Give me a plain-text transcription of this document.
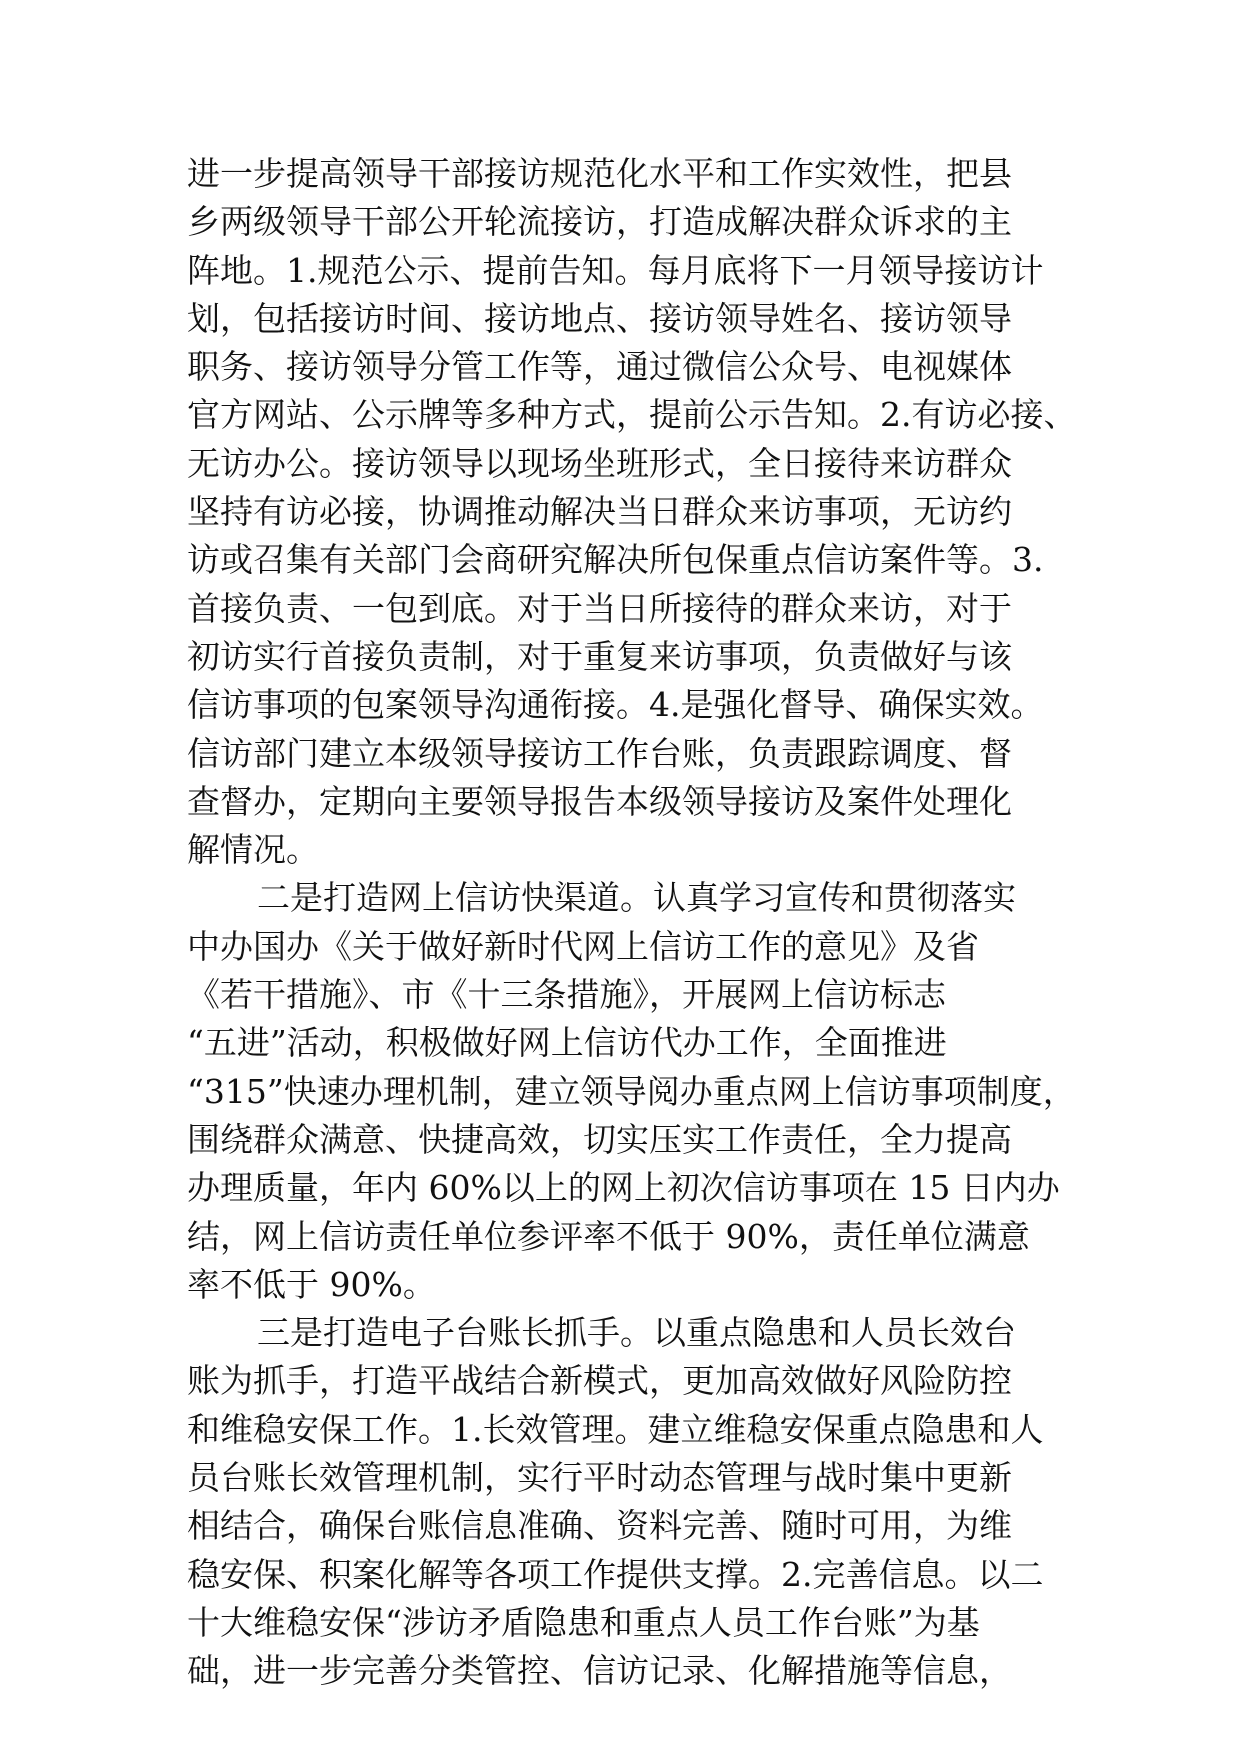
进一步提高领导干部接访规范化水平和工作实效性，把县
乡两级领导干部公开轮流接访，打造成解决群众诉求的主
阵地。1.规范公示、提前告知。每月底将下一月领导接访计
划，包括接访时间、接访地点、接访领导姓名、接访领导
职务、接访领导分管工作等，通过微信公众号、电视媒体
官方网站、公示牌等多种方式，提前公示告知。2.有访必接、
无访办公。接访领导以现场坐班形式，全日接待来访群众
坚持有访必接，协调推动解决当日群众来访事项，无访约
访或召集有关部门会商研究解决所包保重点信访案件等。3.
首接负责、一包到底。对于当日所接待的群众来访，对于
初访实行首接负责制，对于重复来访事项，负责做好与该
信访事项的包案领导沟通衔接。4.是强化督导、确保实效。
信访部门建立本级领导接访工作台账，负责跟踪调度、督
查督办，定期向主要领导报告本级领导接访及案件处理化
解情况。
二是打造网上信访快渠道。认真学习宣传和贯彻落实
中办国办《关于做好新时代网上信访工作的意见》及省
《若干措施》、市《十三条措施》，开展网上信访标志
“五进”活动，积极做好网上信访代办工作，全面推进
“315”快速办理机制，建立领导阅办重点网上信访事项制度，
围绕群众满意、快捷高效，切实压实工作责任，全力提高
办理质量，年内 60%以上的网上初次信访事项在 15 日内办
结，网上信访责任单位参评率不低于 90%，责任单位满意
率不低于 90%。
三是打造电子台账长抓手。以重点隐患和人员长效台
账为抓手，打造平战结合新模式，更加高效做好风险防控
和维稳安保工作。1.长效管理。建立维稳安保重点隐患和人
员台账长效管理机制，实行平时动态管理与战时集中更新
相结合，确保台账信息准确、资料完善、随时可用，为维
稳安保、积案化解等各项工作提供支撑。2.完善信息。以二
十大维稳安保“涉访矛盾隐患和重点人员工作台账”为基
础，进一步完善分类管控、信访记录、化解措施等信息，
